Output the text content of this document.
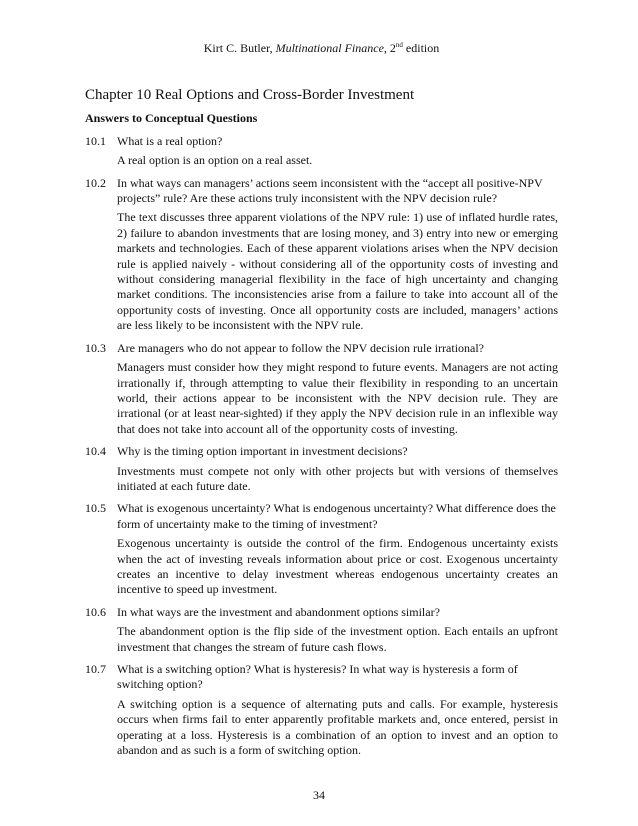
Kirt C. Butler, Multinational Finance, 2nd edition
Chapter 10 Real Options and Cross-Border Investment
Answers to Conceptual Questions
10.1 What is a real option?
A real option is an option on a real asset.
10.2 In what ways can managers’ actions seem inconsistent with the “accept all positive-NPV projects” rule? Are these actions truly inconsistent with the NPV decision rule?
The text discusses three apparent violations of the NPV rule: 1) use of inflated hurdle rates, 2) failure to abandon investments that are losing money, and 3) entry into new or emerging markets and technologies. Each of these apparent violations arises when the NPV decision rule is applied naively - without considering all of the opportunity costs of investing and without considering managerial flexibility in the face of high uncertainty and changing market conditions. The inconsistencies arise from a failure to take into account all of the opportunity costs of investing. Once all opportunity costs are included, managers’ actions are less likely to be inconsistent with the NPV rule.
10.3 Are managers who do not appear to follow the NPV decision rule irrational?
Managers must consider how they might respond to future events. Managers are not acting irrationally if, through attempting to value their flexibility in responding to an uncertain world, their actions appear to be inconsistent with the NPV decision rule. They are irrational (or at least near-sighted) if they apply the NPV decision rule in an inflexible way that does not take into account all of the opportunity costs of investing.
10.4 Why is the timing option important in investment decisions?
Investments must compete not only with other projects but with versions of themselves initiated at each future date.
10.5 What is exogenous uncertainty? What is endogenous uncertainty? What difference does the form of uncertainty make to the timing of investment?
Exogenous uncertainty is outside the control of the firm. Endogenous uncertainty exists when the act of investing reveals information about price or cost. Exogenous uncertainty creates an incentive to delay investment whereas endogenous uncertainty creates an incentive to speed up investment.
10.6 In what ways are the investment and abandonment options similar?
The abandonment option is the flip side of the investment option. Each entails an upfront investment that changes the stream of future cash flows.
10.7 What is a switching option? What is hysteresis? In what way is hysteresis a form of switching option?
A switching option is a sequence of alternating puts and calls. For example, hysteresis occurs when firms fail to enter apparently profitable markets and, once entered, persist in operating at a loss. Hysteresis is a combination of an option to invest and an option to abandon and as such is a form of switching option.
34
